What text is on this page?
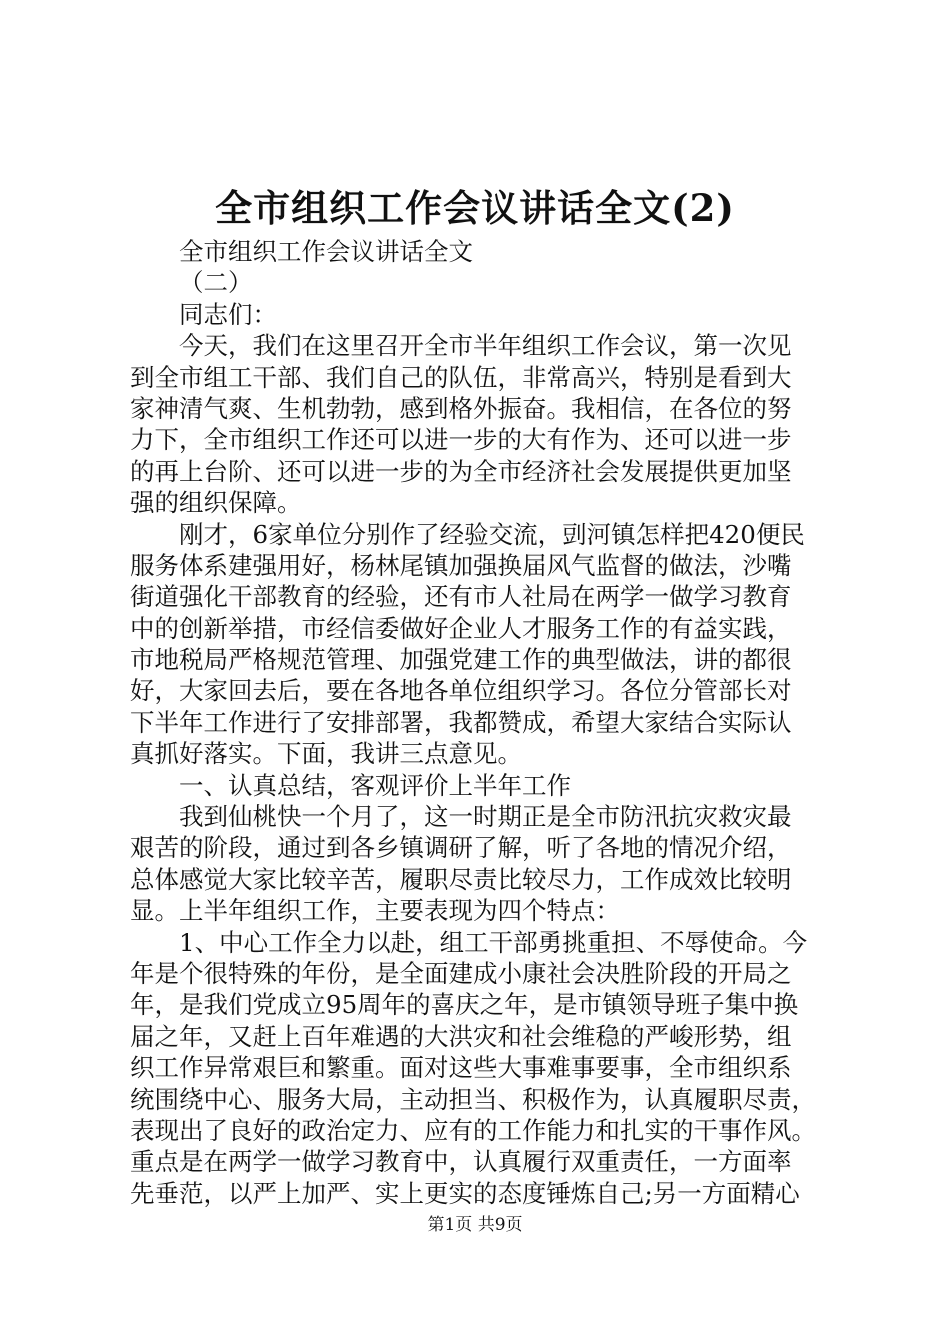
全市组织工作会议讲话全文(2)

全市组织工作会议讲话全文

（二）

同志们：

今天，我们在这里召开全市半年组织工作会议，第一次见

到全市组工干部、我们自己的队伍，非常高兴，特别是看到大

家神清气爽、生机勃勃，感到格外振奋。我相信，在各位的努

力下，全市组织工作还可以进一步的大有作为、还可以进一步

的再上台阶、还可以进一步的为全市经济社会发展提供更加坚

强的组织保障。

刚才，6家单位分别作了经验交流，剅河镇怎样把420便民

服务体系建强用好，杨林尾镇加强换届风气监督的做法，沙嘴

街道强化干部教育的经验，还有市人社局在两学一做学习教育

中的创新举措，市经信委做好企业人才服务工作的有益实践，

市地税局严格规范管理、加强党建工作的典型做法，讲的都很

好，大家回去后，要在各地各单位组织学习。各位分管部长对

下半年工作进行了安排部署，我都赞成，希望大家结合实际认

真抓好落实。下面，我讲三点意见。

一、认真总结，客观评价上半年工作

我到仙桃快一个月了，这一时期正是全市防汛抗灾救灾最

艰苦的阶段，通过到各乡镇调研了解，听了各地的情况介绍，

总体感觉大家比较辛苦，履职尽责比较尽力，工作成效比较明

显。上半年组织工作，主要表现为四个特点：

1、中心工作全力以赴，组工干部勇挑重担、不辱使命。今

年是个很特殊的年份，是全面建成小康社会决胜阶段的开局之

年，是我们党成立95周年的喜庆之年，是市镇领导班子集中换

届之年，又赶上百年难遇的大洪灾和社会维稳的严峻形势，组

织工作异常艰巨和繁重。面对这些大事难事要事，全市组织系

统围绕中心、服务大局，主动担当、积极作为，认真履职尽责，

表现出了良好的政治定力、应有的工作能力和扎实的干事作风。

重点是在两学一做学习教育中，认真履行双重责任，一方面率

先垂范，以严上加严、实上更实的态度锤炼自己;另一方面精心

第1页 共9页
